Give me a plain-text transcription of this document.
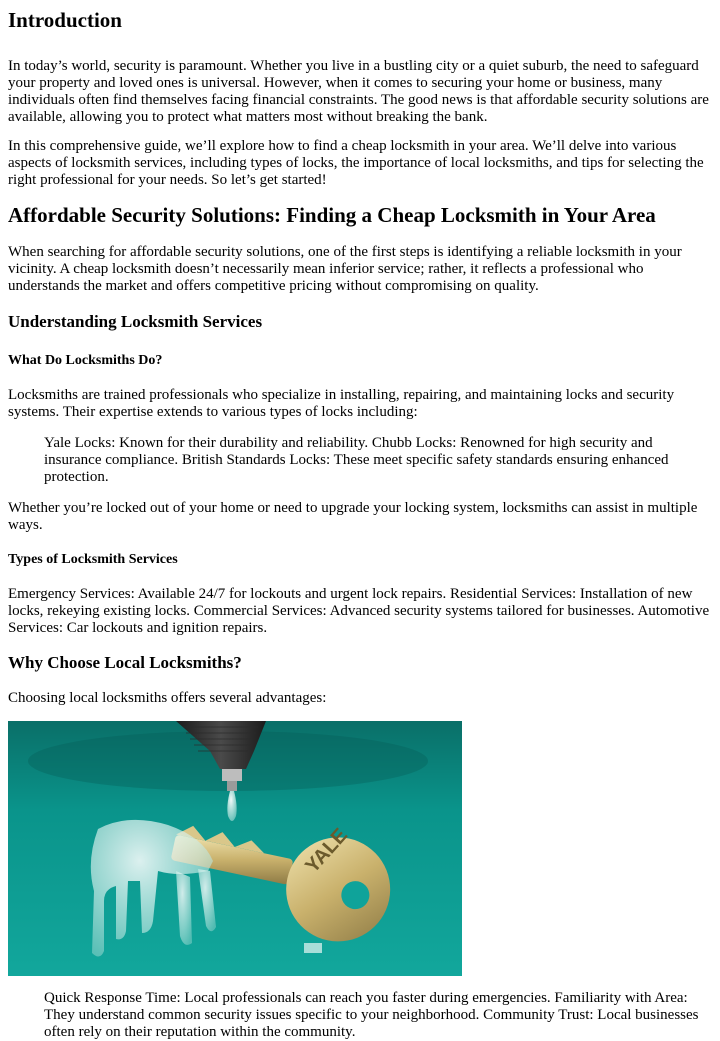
Introduction

In today’s world, security is paramount. Whether you live in a bustling city or a quiet suburb, the need to safeguard your property and loved ones is universal. However, when it comes to securing your home or business, many individuals often find themselves facing financial constraints. The good news is that affordable security solutions are available, allowing you to protect what matters most without breaking the bank.

In this comprehensive guide, we’ll explore how to find a cheap locksmith in your area. We’ll delve into various aspects of locksmith services, including types of locks, the importance of local locksmiths, and tips for selecting the right professional for your needs. So let’s get started!

Affordable Security Solutions: Finding a Cheap Locksmith in Your Area

When searching for affordable security solutions, one of the first steps is identifying a reliable locksmith in your vicinity. A cheap locksmith doesn’t necessarily mean inferior service; rather, it reflects a professional who understands the market and offers competitive pricing without compromising on quality.

Understanding Locksmith Services
What Do Locksmiths Do?

Locksmiths are trained professionals who specialize in installing, repairing, and maintaining locks and security systems. Their expertise extends to various types of locks including:

Yale Locks: Known for their durability and reliability. Chubb Locks: Renowned for high security and insurance compliance. British Standards Locks: These meet specific safety standards ensuring enhanced protection.

Whether you’re locked out of your home or need to upgrade your locking system, locksmiths can assist in multiple ways.

Types of Locksmith Services

Emergency Services: Available 24/7 for lockouts and urgent lock repairs. Residential Services: Installation of new locks, rekeying existing locks. Commercial Services: Advanced security systems tailored for businesses. Automotive Services: Car lockouts and ignition repairs.

Why Choose Local Locksmiths?

Choosing local locksmiths offers several advantages:

YALE

Quick Response Time: Local professionals can reach you faster during emergencies. Familiarity with Area: They understand common security issues specific to your neighborhood. Community Trust: Local businesses often rely on their reputation within the community.
